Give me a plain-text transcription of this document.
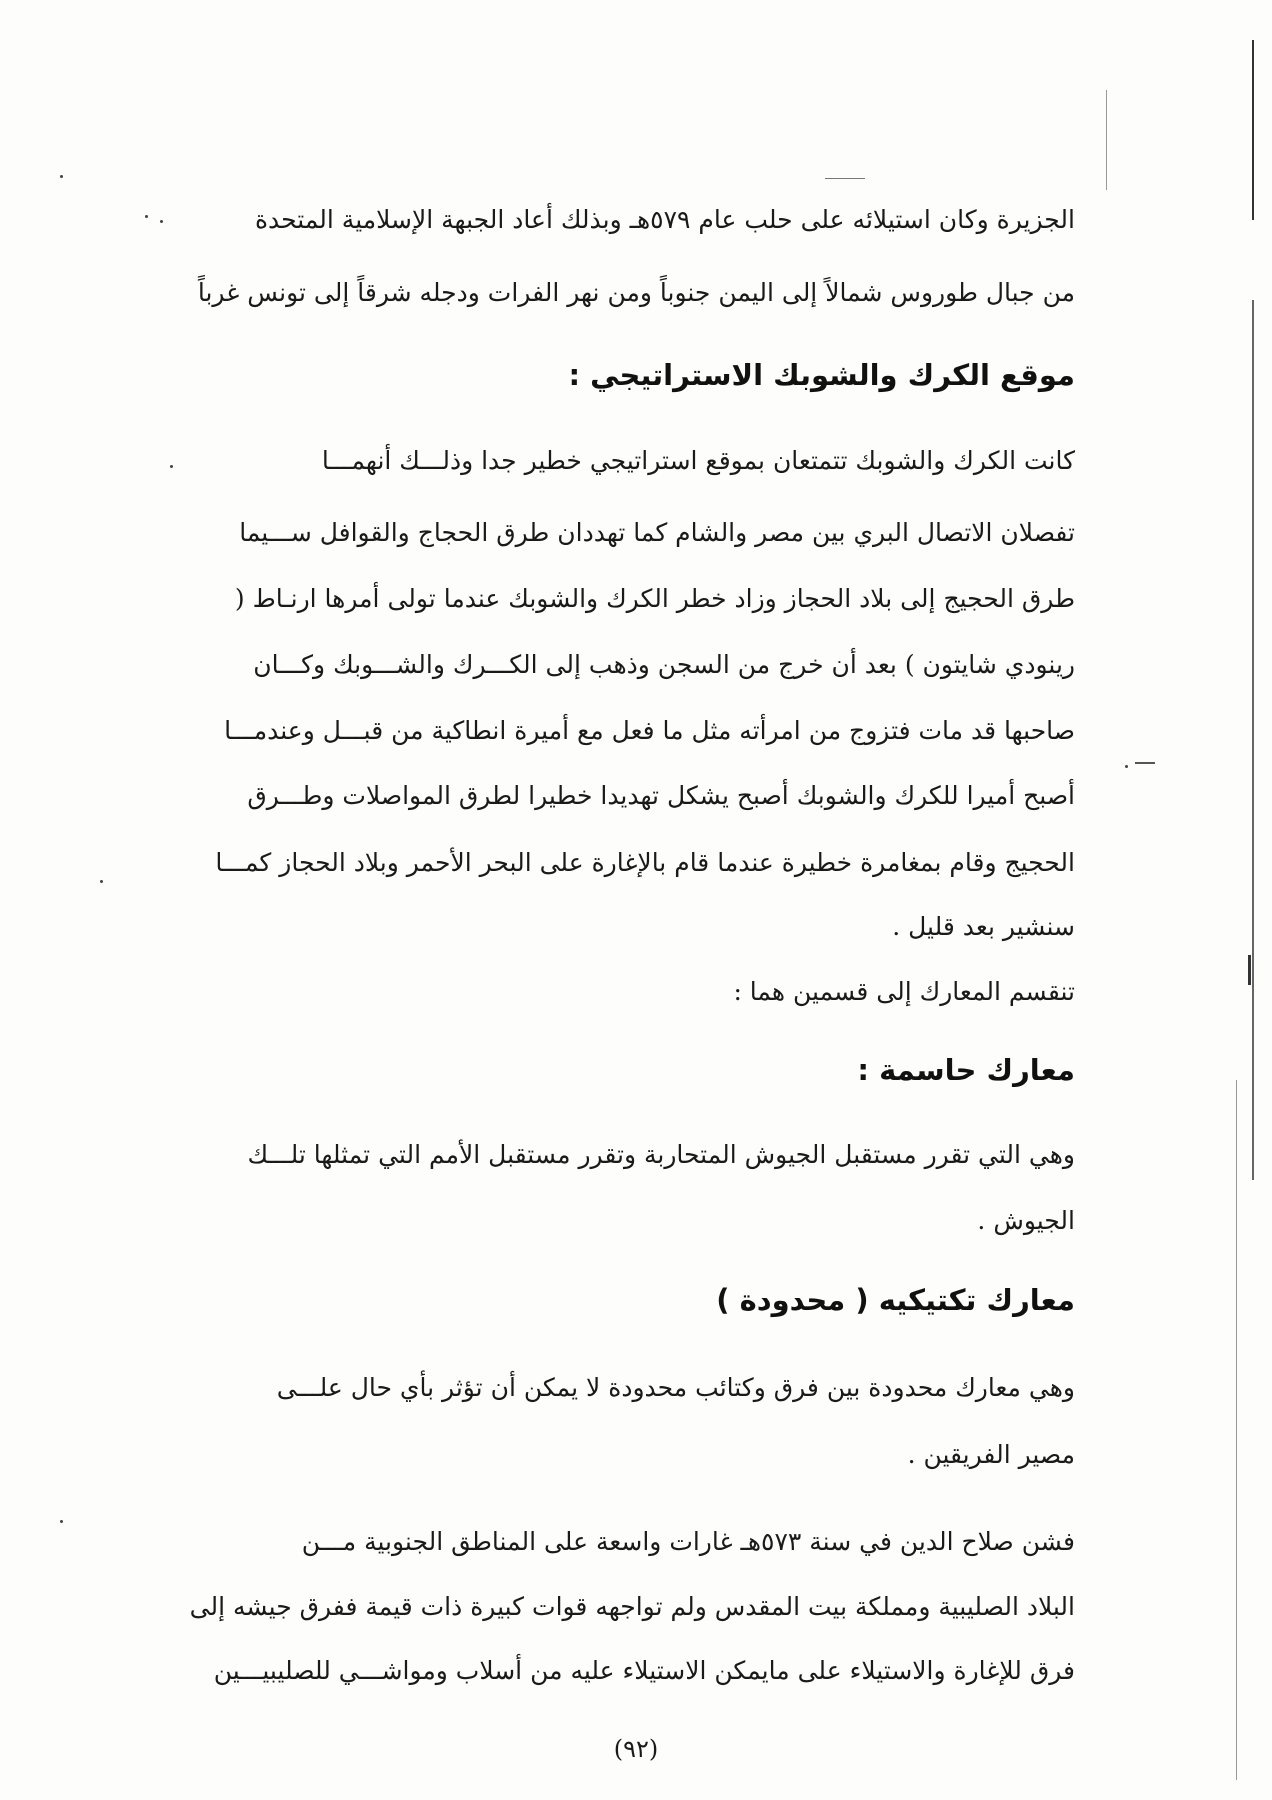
الجزيرة وكان استيلائه على حلب عام ٥٧٩هـ وبذلك أعاد الجبهة الإسلامية المتحدة
من جبال طوروس شمالاً إلى اليمن جنوباً ومن نهر الفرات ودجله شرقاً إلى تونس غرباً
موقع الكرك والشوبك الاستراتيجي :
كانت الكرك والشوبك تتمتعان بموقع استراتيجي خطير جدا وذلـــك أنهمـــا
تفصلان الاتصال البري بين مصر والشام كما تهددان طرق الحجاج والقوافل ســـيما
طرق الحجيج إلى بلاد الحجاز وزاد خطر الكرك والشوبك عندما تولى أمرها ارنـاط (
رينودي شايتون ) بعد أن خرج من السجن وذهب إلى الكـــرك والشـــوبك وكـــان
صاحبها قد مات فتزوج من امرأته مثل ما فعل مع أميرة انطاكية من قبـــل وعندمـــا
أصبح أميرا للكرك والشوبك أصبح يشكل تهديدا خطيرا لطرق المواصلات وطـــرق
الحجيج وقام بمغامرة خطيرة عندما قام بالإغارة على البحر الأحمر وبلاد الحجاز كمـــا
سنشير بعد قليل .
تنقسم المعارك إلى قسمين هما :
معارك حاسمة :
وهي التي تقرر مستقبل الجيوش المتحاربة وتقرر مستقبل الأمم التي تمثلها تلـــك
الجيوش .
معارك تكتيكيه ( محدودة )
وهي معارك محدودة بين فرق وكتائب محدودة لا يمكن أن تؤثر بأي حال علـــى
مصير الفريقين .
فشن صلاح الدين في سنة ٥٧٣هـ غارات واسعة على المناطق الجنوبية مـــن
البلاد الصليبية ومملكة بيت المقدس ولم تواجهه قوات كبيرة ذات قيمة ففرق جيشه إلى
فرق للإغارة والاستيلاء على مايمكن الاستيلاء عليه من أسلاب ومواشـــي للصليبيـــين
(٩٢)
